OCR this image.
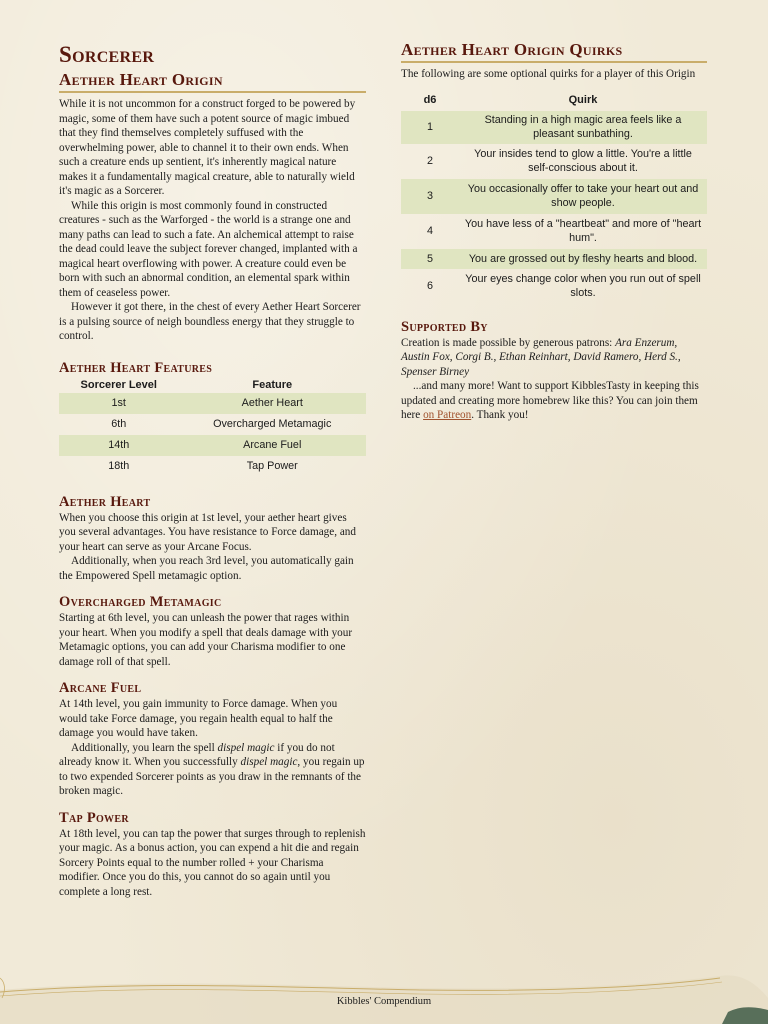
Sorcerer
Aether Heart Origin

While it is not uncommon for a construct forged to be powered by magic, some of them have such a potent source of magic imbued that they find themselves completely suffused with the overwhelming power, able to channel it to their own ends. When such a creature ends up sentient, it's inherently magical nature makes it a fundamentally magical creature, able to naturally wield it's magic as a Sorcerer.

While this origin is most commonly found in constructed creatures - such as the Warforged - the world is a strange one and many paths can lead to such a fate. An alchemical attempt to raise the dead could leave the subject forever changed, implanted with a magical heart overflowing with power. A creature could even be born with such an abnormal condition, an elemental spark within them of ceaseless power.

However it got there, in the chest of every Aether Heart Sorcerer is a pulsing source of neigh boundless energy that they struggle to control.

Aether Heart Features
Sorcerer Level	Feature
1st	Aether Heart
6th	Overcharged Metamagic
14th	Arcane Fuel
18th	Tap Power
Aether Heart

When you choose this origin at 1st level, your aether heart gives you several advantages. You have resistance to Force damage, and your heart can serve as your Arcane Focus.

Additionally, when you reach 3rd level, you automatically gain the Empowered Spell metamagic option.

Overcharged Metamagic

Starting at 6th level, you can unleash the power that rages within your heart. When you modify a spell that deals damage with your Metamagic options, you can add your Charisma modifier to one damage roll of that spell.

Arcane Fuel

At 14th level, you gain immunity to Force damage. When you would take Force damage, you regain health equal to half the damage you would have taken.

Additionally, you learn the spell dispel magic if you do not already know it. When you successfully dispel magic, you regain up to two expended Sorcerer points as you draw in the remnants of the broken magic.

Tap Power

At 18th level, you can tap the power that surges through to replenish your magic. As a bonus action, you can expend a hit die and regain Sorcery Points equal to the number rolled + your Charisma modifier. Once you do this, you cannot do so again until you complete a long rest.

Aether Heart Origin Quirks

The following are some optional quirks for a player of this Origin

d6	Quirk
1	Standing in a high magic area feels like a pleasant sunbathing.
2	Your insides tend to glow a little. You're a little self-conscious about it.
3	You occasionally offer to take your heart out and show people.
4	You have less of a "heartbeat" and more of "heart hum".
5	You are grossed out by fleshy hearts and blood.
6	Your eyes change color when you run out of spell slots.
Supported By

Creation is made possible by generous patrons: Ara Enzerum, Austin Fox, Corgi B., Ethan Reinhart, David Ramero, Herd S., Spenser Birney

...and many more! Want to support KibblesTasty in keeping this updated and creating more homebrew like this? You can join them here on Patreon. Thank you!

Kibbles' Compendium
